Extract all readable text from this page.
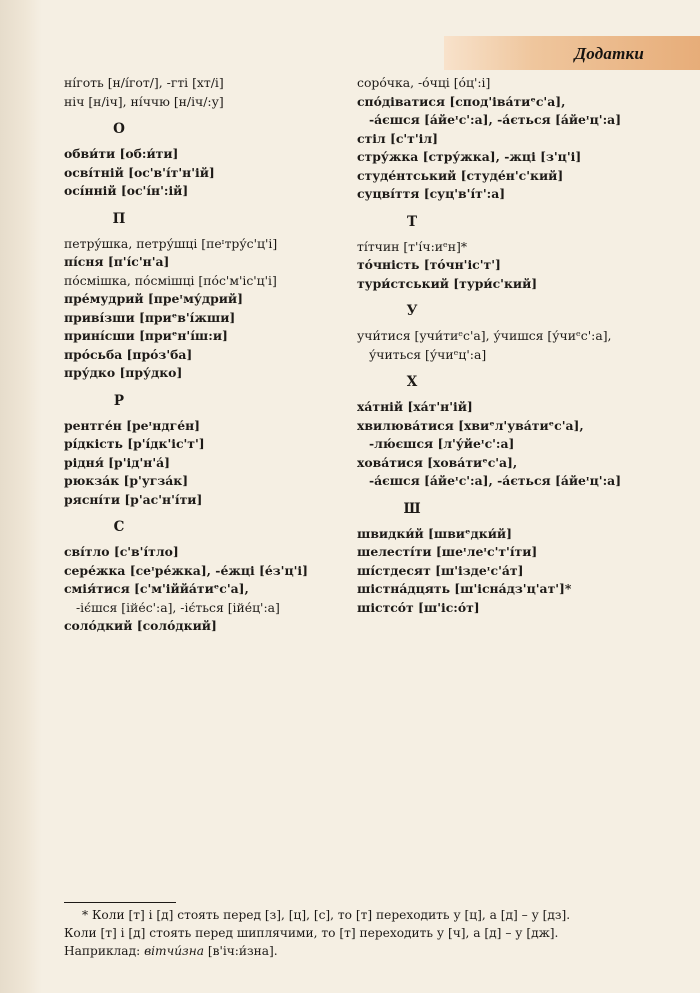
Додатки
нíготь [н/íгот/], -гті [хт/і]
ніч [н/іч], нíччю [н/іч/:у]
О
обви́ти [об:и́ти]
освíтній [ос'в'íт'н'ій]
осíнній [ос'íн':ій]
П
петру́шка, петру́шці [пеᶦтру́с'ц'і]
пíсня [п'íс'н'а]
пóсмішка, пóсмішці [пóс'м'іс'ц'і]
пре́мудрий [преᶦму́дрий]
привíзши [приᵉв'íжши]
принíсши [приᵉн'íш:и]
прóсьба [прóз'ба]
пру́дко [пру́дко]
Р
рентге́н [реᶦндге́н]
рíдкість [р'íдк'іс'т']
рідня́ [р'ід'н'а́]
рюкза́к [р'угза́к]
ряснíти [р'ас'н'íти]
С
свíтло [с'в'íтло]
сере́жка [сеᶦре́жка], -е́жці [е́з'ц'і]
смія́тися [с'м'іййа́тиᵉс'а],
-іє́шся [ійе́с':а], -іє́ться [ійе́ц':а]
солóдкий [солóдкий]
сорóчка, -óчці [óц':і]
спо́діватися [спод'іва́тиᵉс'а],
-а́єшся [а́йеᶦс':а], -а́ється [а́йеᶦц':а]
стіл [с'т'іл]
стру́жка [стру́жка], -жці [з'ц'і]
студе́нтський [студе́н'с'кий]
суцвíття [суц'в'íт':а]
Т
тíтчин [т'íч:иᵉн]*
тóчність [тóчн'іс'т']
тури́стський [тури́с'кий]
У
учи́тися [учи́тиᵉс'а], у́чишся [у́чиᵉс':а],
у́читься [у́чиᵉц':а]
Х
ха́тній [ха́т'н'ій]
хвилюва́тися [хвиᵉл'ува́тиᵉс'а],
-лю́єшся [л'у́йеᶦс':а]
хова́тися [хова́тиᵉс'а],
-а́єшся [а́йеᶦс':а], -а́ється [а́йеᶦц':а]
Ш
швидки́й [швиᵉдки́й]
шелестíти [шеᶦлеᶦс'т'íти]
шíстдесят [ш'іздеᶦс'а́т]
шістна́дцять [ш'існа́дз'ц'ат']*
шістсóт [ш'іс:óт]

* Коли [т] і [д] стоять перед [з], [ц], [с], то [т] переходить у [ц], а [д] – у [дз].

Коли [т] і [д] стоять перед шиплячими, то [т] переходить у [ч], а [д] – у [дж].

Наприклад: вітчи́зна [в'іч:и́зна].
